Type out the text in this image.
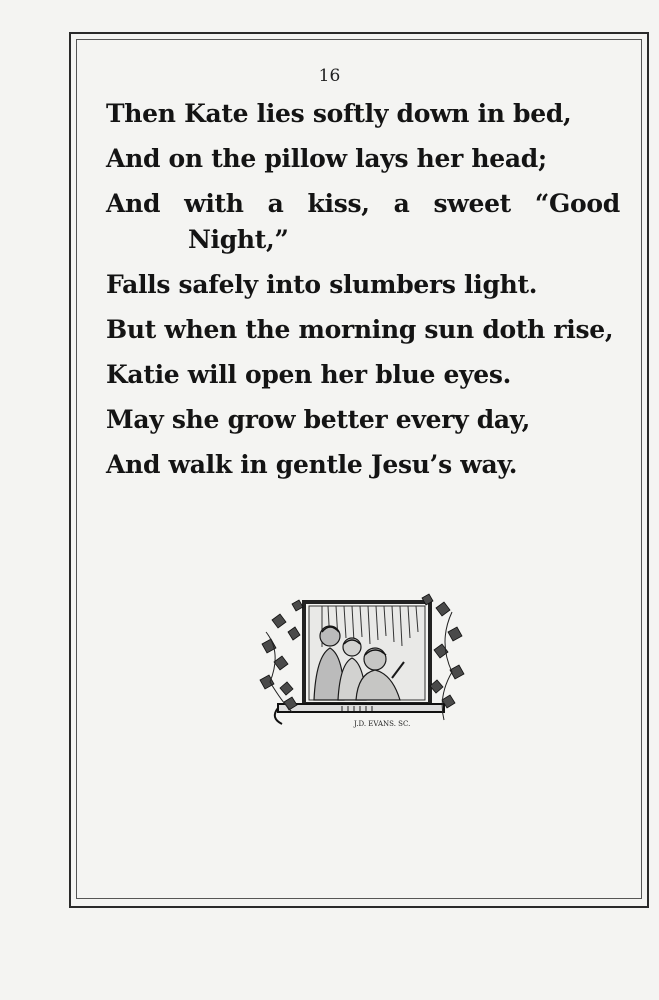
16
Then Kate lies softly down in bed,
And on the pillow lays her head;
And with a kiss, a sweet “Good
Night,”
Falls safely into slumbers light.
But when the morning sun doth rise,
Katie will open her blue eyes.
May she grow better every day,
And walk in gentle Jesu’s way.
J.D. EVANS. SC.
